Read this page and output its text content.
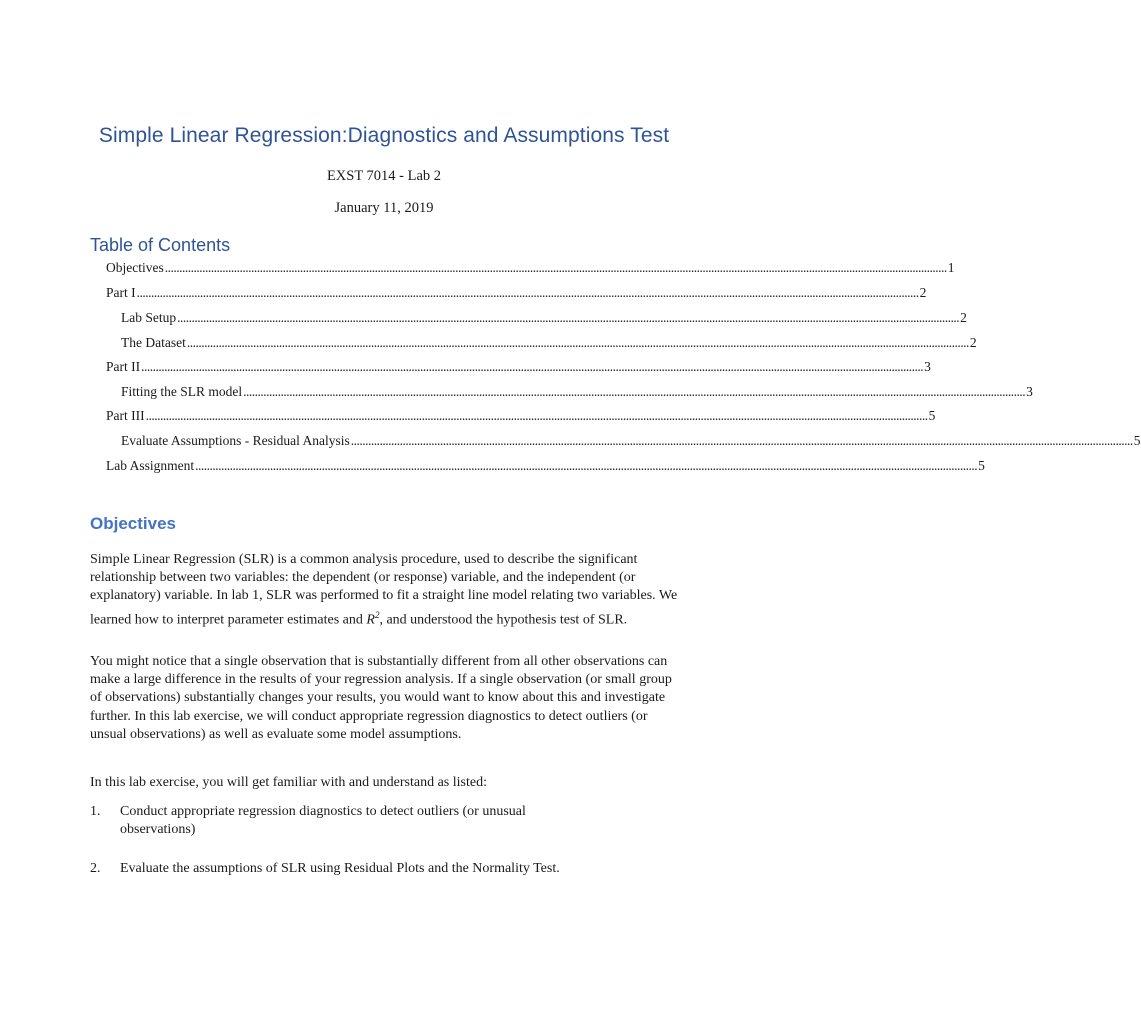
Simple Linear Regression:Diagnostics and Assumptions Test
EXST 7014 - Lab 2
January 11, 2019
Table of Contents
Objectives ................................................................................................................................................................................................................................................................................ 1
Part I ................................................................................................................................................................................................................................................................................ 2
Lab Setup ................................................................................................................................................................................................................................................................................ 2
The Dataset ................................................................................................................................................................................................................................................................................ 2
Part II ................................................................................................................................................................................................................................................................................ 3
Fitting the SLR model ................................................................................................................................................................................................................................................................................ 3
Part III ................................................................................................................................................................................................................................................................................ 5
Evaluate Assumptions - Residual Analysis ................................................................................................................................................................................................................................................................................ 5
Lab Assignment ................................................................................................................................................................................................................................................................................ 5
Objectives
Simple Linear Regression (SLR) is a common analysis procedure, used to describe the significant relationship between two variables: the dependent (or response) variable, and the independent (or explanatory) variable. In lab 1, SLR was performed to fit a straight line model relating two variables. We learned how to interpret parameter estimates and $R^2$, and understood the hypothesis test of SLR.
You might notice that a single observation that is substantially different from all other observations can make a large difference in the results of your regression analysis. If a single observation (or small group of observations) substantially changes your results, you would want to know about this and investigate further. In this lab exercise, we will conduct appropriate regression diagnostics to detect outliers (or unsual observations) as well as evaluate some model assumptions.
In this lab exercise, you will get familiar with and understand as listed:
1.	Conduct appropriate regression diagnostics to detect outliers (or unusual observations)
2.	Evaluate the assumptions of SLR using Residual Plots and the Normality Test.
